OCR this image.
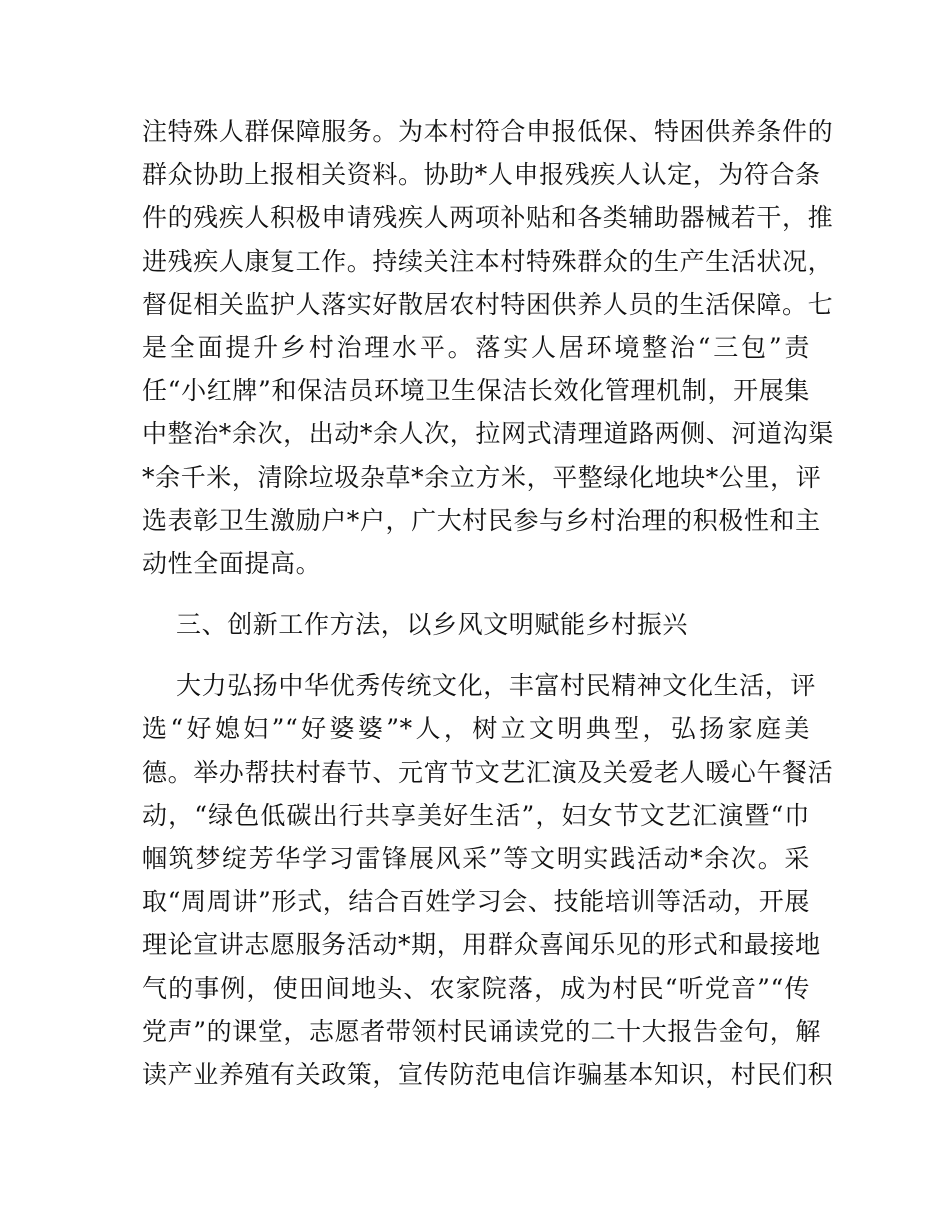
注特殊人群保障服务。为本村符合申报低保、特困供养条件的
群众协助上报相关资料。协助*人申报残疾人认定，为符合条
件的残疾人积极申请残疾人两项补贴和各类辅助器械若干，推
进残疾人康复工作。持续关注本村特殊群众的生产生活状况，
督促相关监护人落实好散居农村特困供养人员的生活保障。七
是全面提升乡村治理水平。落实人居环境整治“三包”责
任“小红牌”和保洁员环境卫生保洁长效化管理机制，开展集
中整治*余次，出动*余人次，拉网式清理道路两侧、河道沟渠
*余千米，清除垃圾杂草*余立方米，平整绿化地块*公里，评
选表彰卫生激励户*户，广大村民参与乡村治理的积极性和主
动性全面提高。
三、创新工作方法，以乡风文明赋能乡村振兴
大力弘扬中华优秀传统文化，丰富村民精神文化生活，评
选“好媳妇”“好婆婆”*人，树立文明典型，弘扬家庭美
德。举办帮扶村春节、元宵节文艺汇演及关爱老人暖心午餐活
动，“绿色低碳出行共享美好生活”，妇女节文艺汇演暨“巾
帼筑梦绽芳华学习雷锋展风采”等文明实践活动*余次。采
取“周周讲”形式，结合百姓学习会、技能培训等活动，开展
理论宣讲志愿服务活动*期，用群众喜闻乐见的形式和最接地
气的事例，使田间地头、农家院落，成为村民“听党音”“传
党声”的课堂，志愿者带领村民诵读党的二十大报告金句，解
读产业养殖有关政策，宣传防范电信诈骗基本知识，村民们积
